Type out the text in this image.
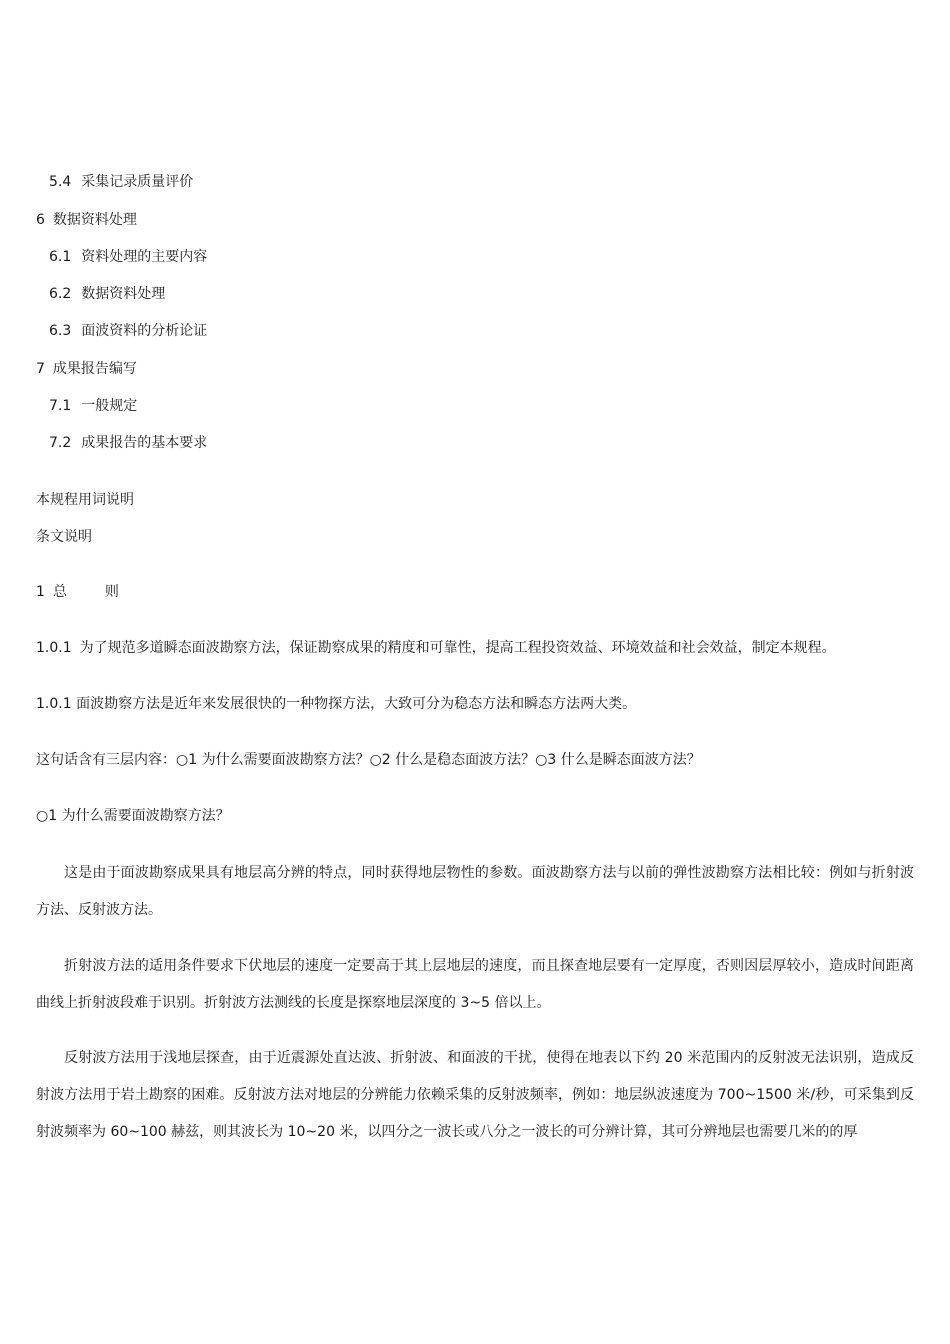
5.4 采集记录质量评价
6 数据资料处理
6.1 资料处理的主要内容
6.2 数据资料处理
6.3 面波资料的分析论证
7 成果报告编写
7.1 一般规定
7.2 成果报告的基本要求
本规程用词说明
条文说明
1 总	则
1.0.1 为了规范多道瞬态面波勘察方法，保证勘察成果的精度和可靠性，提高工程投资效益、环境效益和社会效益，制定本规程。
1.0.1 面波勘察方法是近年来发展很快的一种物探方法，大致可分为稳态方法和瞬态方法两大类。
这句话含有三层内容：○1 为什么需要面波勘察方法？○2 什么是稳态面波方法？○3 什么是瞬态面波方法？
○1 为什么需要面波勘察方法？
这是由于面波勘察成果具有地层高分辨的特点，同时获得地层物性的参数。面波勘察方法与以前的弹性波勘察方法相比较：例如与折射波方法、反射波方法。
折射波方法的适用条件要求下伏地层的速度一定要高于其上层地层的速度，而且探查地层要有一定厚度，否则因层厚较小，造成时间距离曲线上折射波段难于识别。折射波方法测线的长度是探察地层深度的 3~5 倍以上。
反射波方法用于浅地层探查，由于近震源处直达波、折射波、和面波的干扰，使得在地表以下约 20 米范围内的反射波无法识别，造成反射波方法用于岩土勘察的困难。反射波方法对地层的分辨能力依赖采集的反射波频率，例如：地层纵波速度为 700~1500 米/秒，可采集到反射波频率为 60~100 赫兹，则其波长为 10~20 米，以四分之一波长或八分之一波长的可分辨计算，其可分辨地层也需要几米的的厚
